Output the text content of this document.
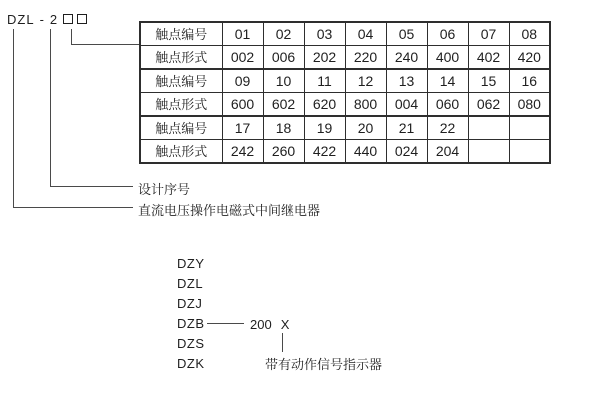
DZL - 2
触点编号	01	02	03	04	05	06	07	08
触点形式	002	006	202	220	240	400	402	420
触点编号	09	10	11	12	13	14	15	16
触点形式	600	602	620	800	004	060	062	080
触点编号	17	18	19	20	21	22		
触点形式	242	260	422	440	024	204		
设计序号
直流电压操作电磁式中间继电器
DZY
DZL
DZJ
DZB
DZS
DZK
200 X
带有动作信号指示器
